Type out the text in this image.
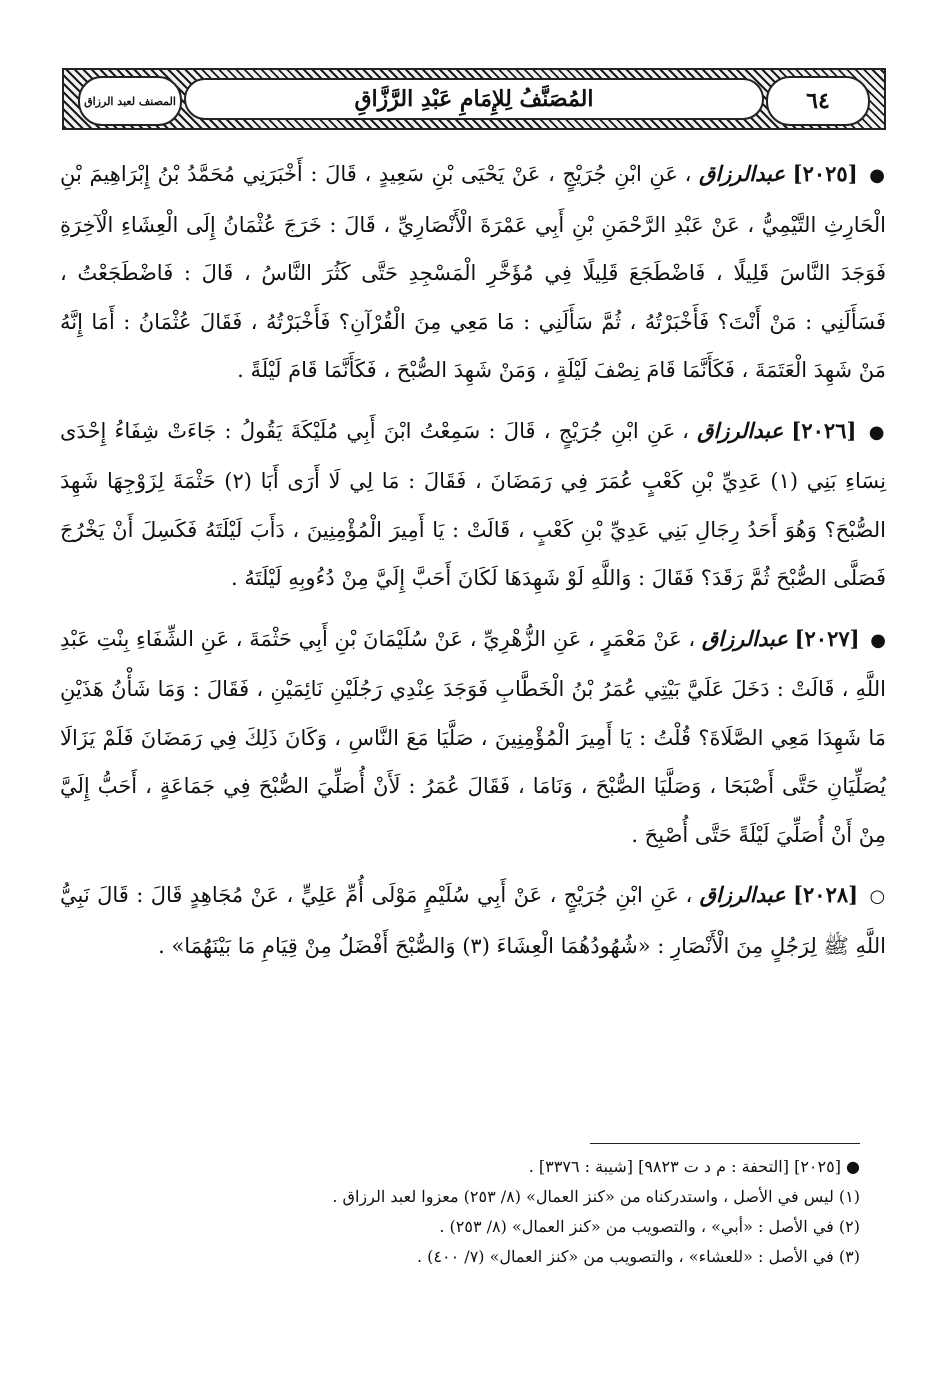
المصنف لعبد الرزاق	المُصَنَّفُ لِلإِمَامِ عَبْدِ الرَّزَّاقِ	٦٤

● [٢٠٢٥] عبدالرزاق ، عَنِ ابْنِ جُرَيْجٍ ، عَنْ يَحْيَى بْنِ سَعِيدٍ ، قَالَ : أَخْبَرَنِي مُحَمَّدُ بْنُ إِبْرَاهِيمَ بْنِ الْحَارِثِ التَّيْمِيُّ ، عَنْ عَبْدِ الرَّحْمَنِ بْنِ أَبِي عَمْرَةَ الْأَنْصَارِيِّ ، قَالَ : خَرَجَ عُثْمَانُ إِلَى الْعِشَاءِ الْآخِرَةِ فَوَجَدَ النَّاسَ قَلِيلًا ، فَاضْطَجَعَ قَلِيلًا فِي مُؤَخَّرِ الْمَسْجِدِ حَتَّى كَثُرَ النَّاسُ ، قَالَ : فَاضْطَجَعْتُ ، فَسَأَلَنِي : مَنْ أَنْتَ؟ فَأَخْبَرْتُهُ ، ثُمَّ سَأَلَنِي : مَا مَعِي مِنَ الْقُرْآنِ؟ فَأَخْبَرْتُهُ ، فَقَالَ عُثْمَانُ : أَمَا إِنَّهُ مَنْ شَهِدَ الْعَتَمَةَ ، فَكَأَنَّمَا قَامَ نِصْفَ لَيْلَةٍ ، وَمَنْ شَهِدَ الصُّبْحَ ، فَكَأَنَّمَا قَامَ لَيْلَةً .

● [٢٠٢٦] عبدالرزاق ، عَنِ ابْنِ جُرَيْجٍ ، قَالَ : سَمِعْتُ ابْنَ أَبِي مُلَيْكَةَ يَقُولُ : جَاءَتْ شِفَاءُ إِحْدَى نِسَاءِ بَنِي (١) عَدِيِّ بْنِ كَعْبٍ عُمَرَ فِي رَمَضَانَ ، فَقَالَ : مَا لِي لَا أَرَى أَبَا (٢) حَثْمَةَ لِزَوْجِهَا شَهِدَ الصُّبْحَ؟ وَهُوَ أَحَدُ رِجَالِ بَنِي عَدِيِّ بْنِ كَعْبٍ ، قَالَتْ : يَا أَمِيرَ الْمُؤْمِنِينَ ، دَأَبَ لَيْلَتَهُ فَكَسِلَ أَنْ يَخْرُجَ فَصَلَّى الصُّبْحَ ثُمَّ رَقَدَ؟ فَقَالَ : وَاللَّهِ لَوْ شَهِدَهَا لَكَانَ أَحَبَّ إِلَيَّ مِنْ دُءُوبِهِ لَيْلَتَهُ .

● [٢٠٢٧] عبدالرزاق ، عَنْ مَعْمَرٍ ، عَنِ الزُّهْرِيِّ ، عَنْ سُلَيْمَانَ بْنِ أَبِي حَثْمَةَ ، عَنِ الشِّفَاءِ بِنْتِ عَبْدِ اللَّهِ ، قَالَتْ : دَخَلَ عَلَيَّ بَيْتِي عُمَرُ بْنُ الْخَطَّابِ فَوَجَدَ عِنْدِي رَجُلَيْنِ نَائِمَيْنِ ، فَقَالَ : وَمَا شَأْنُ هَذَيْنِ مَا شَهِدَا مَعِي الصَّلَاةَ؟ قُلْتُ : يَا أَمِيرَ الْمُؤْمِنِينَ ، صَلَّيَا مَعَ النَّاسِ ، وَكَانَ ذَلِكَ فِي رَمَضَانَ فَلَمْ يَزَالَا يُصَلِّيَانِ حَتَّى أَصْبَحَا ، وَصَلَّيَا الصُّبْحَ ، وَنَامَا ، فَقَالَ عُمَرُ : لَأَنْ أُصَلِّيَ الصُّبْحَ فِي جَمَاعَةٍ ، أَحَبُّ إِلَيَّ مِنْ أَنْ أُصَلِّيَ لَيْلَةً حَتَّى أُصْبِحَ .

○ [٢٠٢٨] عبدالرزاق ، عَنِ ابْنِ جُرَيْجٍ ، عَنْ أَبِي سُلَيْمٍ مَوْلَى أُمِّ عَلِيٍّ ، عَنْ مُجَاهِدٍ قَالَ : قَالَ نَبِيُّ اللَّهِ ﷺ لِرَجُلٍ مِنَ الْأَنْصَارِ : «شُهُودُهُمَا الْعِشَاءَ (٣) وَالصُّبْحَ أَفْضَلُ مِنْ قِيَامِ مَا بَيْنَهُمَا» .

● [٢٠٢٥] [التحفة : م د ت ٩٨٢٣] [شيبة : ٣٣٧٦] .

(١) ليس في الأصل ، واستدركناه من «كنز العمال» (٨/ ٢٥٣) معزوا لعبد الرزاق .

(٢) في الأصل : «أبي» ، والتصويب من «كنز العمال» (٨/ ٢٥٣) .

(٣) في الأصل : «للعشاء» ، والتصويب من «كنز العمال» (٧/ ٤٠٠) .
